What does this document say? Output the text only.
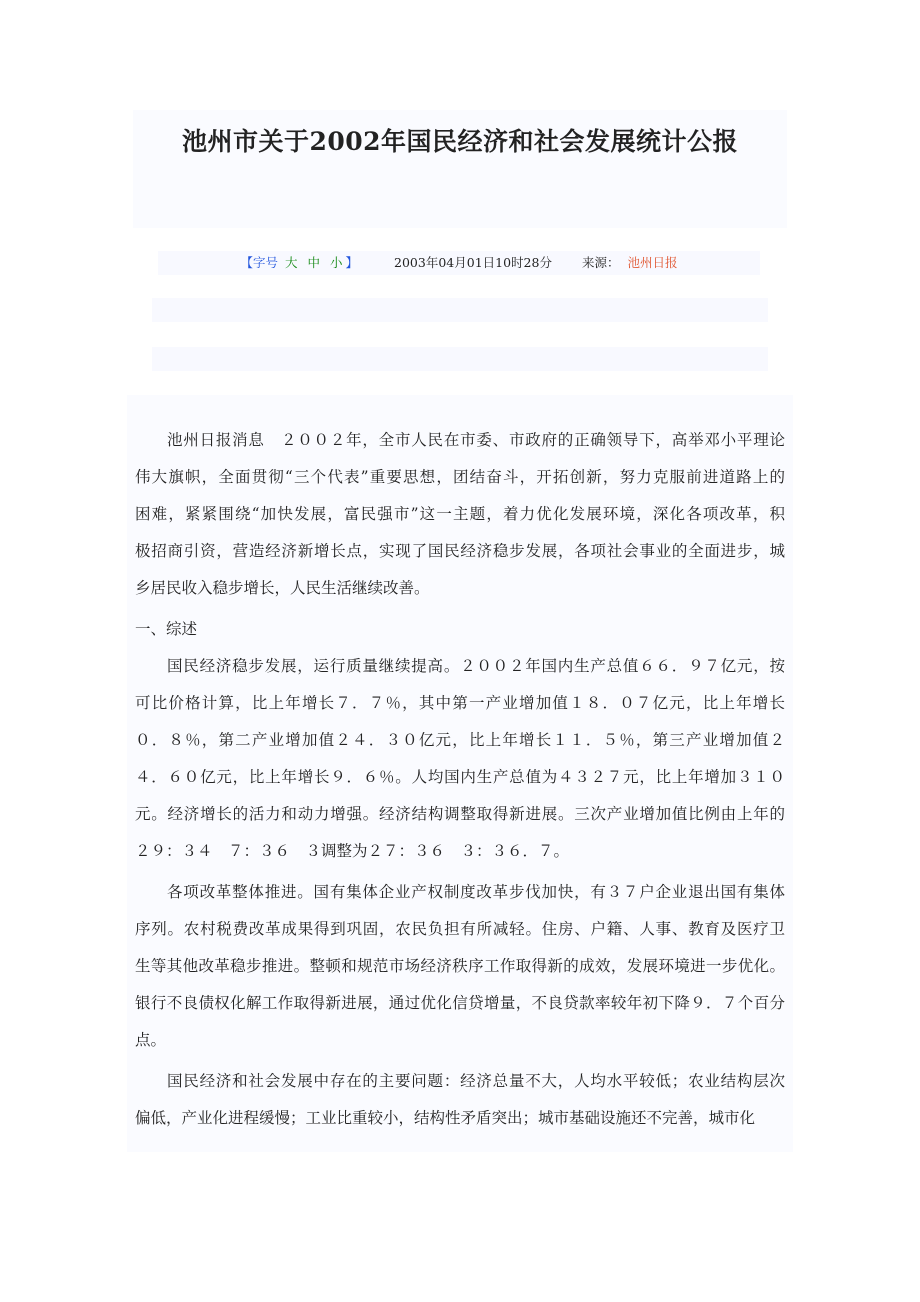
池州市关于2002年国民经济和社会发展统计公报
【字号 大 中 小 】	2003年04月01日10时28分 来源： 池州日报
池州日报消息　２００２年，全市人民在市委、市政府的正确领导下，高举邓小平理论
伟大旗帜，全面贯彻“三个代表”重要思想，团结奋斗，开拓创新，努力克服前进道路上的
困难，紧紧围绕“加快发展，富民强市”这一主题，着力优化发展环境，深化各项改革，积
极招商引资，营造经济新增长点，实现了国民经济稳步发展，各项社会事业的全面进步，城
乡居民收入稳步增长，人民生活继续改善。
一、综述
国民经济稳步发展，运行质量继续提高。２００２年国内生产总值６６．９７亿元，按
可比价格计算，比上年增长７．７％，其中第一产业增加值１８．０７亿元，比上年增长
０．８％，第二产业增加值２４．３０亿元，比上年增长１１．５％，第三产业增加值２
４．６０亿元，比上年增长９．６％。人均国内生产总值为４３２７元，比上年增加３１０
元。经济增长的活力和动力增强。经济结构调整取得新进展。三次产业增加值比例由上年的
２９：３４　７：３６　３调整为２７：３６　３：３６．７。
各项改革整体推进。国有集体企业产权制度改革步伐加快，有３７户企业退出国有集体
序列。农村税费改革成果得到巩固，农民负担有所减轻。住房、户籍、人事、教育及医疗卫
生等其他改革稳步推进。整顿和规范市场经济秩序工作取得新的成效，发展环境进一步优化。
银行不良债权化解工作取得新进展，通过优化信贷增量，不良贷款率较年初下降９．７个百分
点。
国民经济和社会发展中存在的主要问题：经济总量不大，人均水平较低；农业结构层次
偏低，产业化进程缓慢；工业比重较小，结构性矛盾突出；城市基础设施还不完善，城市化
